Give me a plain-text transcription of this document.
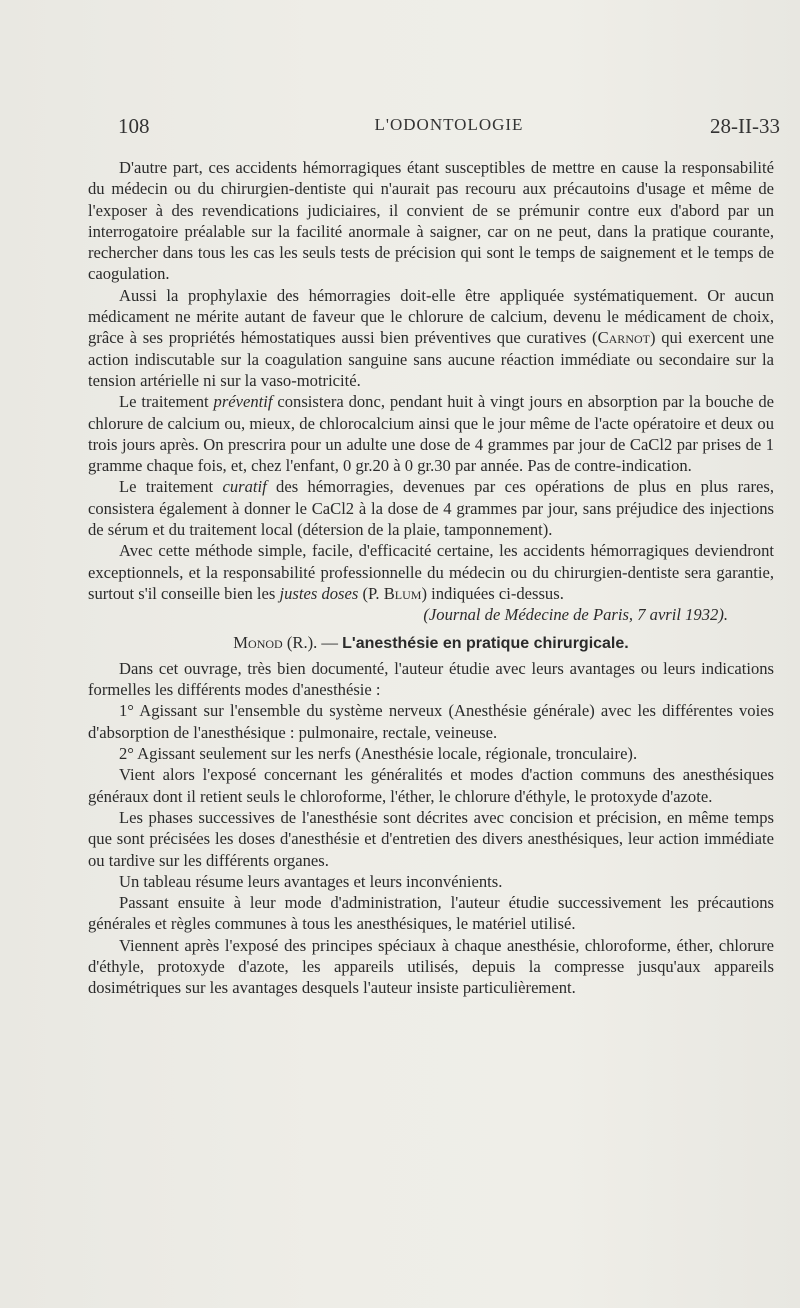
108	L'ODONTOLOGIE	28-II-33

D'autre part, ces accidents hémorragiques étant susceptibles de mettre en cause la responsabilité du médecin ou du chirurgien-dentiste qui n'aurait pas recouru aux précautoins d'usage et même de l'exposer à des revendications judiciaires, il convient de se prémunir contre eux d'abord par un interrogatoire préalable sur la facilité anormale à saigner, car on ne peut, dans la pratique courante, rechercher dans tous les cas les seuls tests de précision qui sont le temps de saignement et le temps de caogulation.

Aussi la prophylaxie des hémorragies doit-elle être appliquée systématiquement. Or aucun médicament ne mérite autant de faveur que le chlorure de calcium, devenu le médicament de choix, grâce à ses propriétés hémostatiques aussi bien préventives que curatives (Carnot) qui exercent une action indiscutable sur la coagulation sanguine sans aucune réaction immédiate ou secondaire sur la tension artérielle ni sur la vaso-motricité.

Le traitement préventif consistera donc, pendant huit à vingt jours en absorption par la bouche de chlorure de calcium ou, mieux, de chlorocalcium ainsi que le jour même de l'acte opératoire et deux ou trois jours après. On prescrira pour un adulte une dose de 4 grammes par jour de CaCl2 par prises de 1 gramme chaque fois, et, chez l'enfant, 0 gr.20 à 0 gr.30 par année. Pas de contre-indication.

Le traitement curatif des hémorragies, devenues par ces opérations de plus en plus rares, consistera également à donner le CaCl2 à la dose de 4 grammes par jour, sans préjudice des injections de sérum et du traitement local (détersion de la plaie, tamponnement).

Avec cette méthode simple, facile, d'efficacité certaine, les accidents hémorragiques deviendront exceptionnels, et la responsabilité professionnelle du médecin ou du chirurgien-dentiste sera garantie, surtout s'il conseille bien les justes doses (P. Blum) indiquées ci-dessus.

(Journal de Médecine de Paris, 7 avril 1932).

Monod (R.). — L'anesthésie en pratique chirurgicale.

Dans cet ouvrage, très bien documenté, l'auteur étudie avec leurs avantages ou leurs indications formelles les différents modes d'anesthésie :

1° Agissant sur l'ensemble du système nerveux (Anesthésie générale) avec les différentes voies d'absorption de l'anesthésique : pulmonaire, rectale, veineuse.

2° Agissant seulement sur les nerfs (Anesthésie locale, régionale, tronculaire).

Vient alors l'exposé concernant les généralités et modes d'action communs des anesthésiques généraux dont il retient seuls le chloroforme, l'éther, le chlorure d'éthyle, le protoxyde d'azote.

Les phases successives de l'anesthésie sont décrites avec concision et précision, en même temps que sont précisées les doses d'anesthésie et d'entretien des divers anesthésiques, leur action immédiate ou tardive sur les différents organes.

Un tableau résume leurs avantages et leurs inconvénients.

Passant ensuite à leur mode d'administration, l'auteur étudie successivement les précautions générales et règles communes à tous les anesthésiques, le matériel utilisé.

Viennent après l'exposé des principes spéciaux à chaque anesthésie, chloroforme, éther, chlorure d'éthyle, protoxyde d'azote, les appareils utilisés, depuis la compresse jusqu'aux appareils dosimétriques sur les avantages desquels l'auteur insiste particulièrement.
